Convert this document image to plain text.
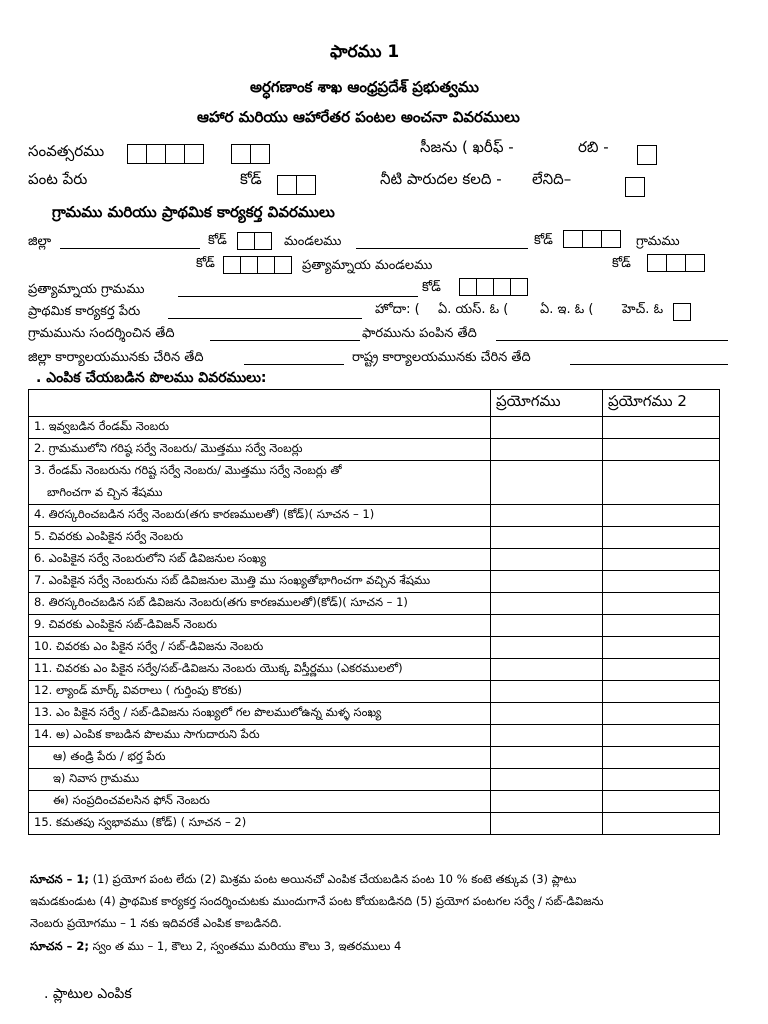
ఫారము 1
అర్ధగణాంక శాఖ ఆంధ్రప్రదేశ్ ప్రభుత్వము
ఆహార మరియు ఆహారేతర పంటల అంచనా వివరములు
సంవత్సరము	సీజను ( ఖరీఫ్ -	రబి -
పంట పేరు	కోడ్	నీటి పారుదల కలది - లేనిది–
గ్రామము మరియు ప్రాథమిక కార్యకర్త వివరములు
జిల్లా	కోడ్	మండలము	కోడ్	గ్రామము
కోడ్	ప్రత్యామ్నాయ మండలము	కోడ్
ప్రత్యామ్నాయ గ్రామము	కోడ్
ప్రాథమిక కార్యకర్త పేరు	హోదా: ( ఏ. యస్. ఓ ( ఏ. ఇ. ఓ ( హెచ్. ఓ
గ్రామమును సందర్శించిన తేది	ఫారమును పంపిన తేది
జిల్లా కార్యాలయమునకు చేరిన తేది	రాష్ట్ర కార్యాలయమునకు చేరిన తేది
. ఎంపిక చేయబడిన పొలము వివరములు:
	ప్రయోగము	ప్రయోగము 2
1. ఇవ్వబడిన రేండమ్ నెంబరు		
2. గ్రామములోని గరిష్ఠ సర్వే నెంబరు/ మొత్తము సర్వే నెంబర్లు		
3. రేండమ్ నెంబరును గరిష్ట సర్వే నెంబరు/ మొత్తము సర్వే నెంబర్లు తో		
బాగించగా వ చ్చిన శేషము		
4. తిరస్కరించబడిన సర్వే నెంబరు(తగు కారణములతో) (కోడ్)( సూచన – 1)		
5. చివరకు ఎంపికైన సర్వే నెంబరు		
6. ఎంపికైన సర్వే నెంబరులోని సబ్ డివిజనుల సంఖ్య		
7. ఎంపికైన సర్వే నెంబరును సబ్ డివిజనుల మొత్తి ము సంఖ్యతోభాగించగా వచ్చిన శేషము		
8. తిరస్కరించబడిన సబ్ డివిజను నెంబరు(తగు కారణములతో)(కోడ్)( సూచన – 1)		
9. చివరకు ఎంపికైన సబ్-డివిజన్ నెంబరు		
10. చివరకు ఎం పికైన సర్వే / సబ్-డివిజను నెంబరు		
11. చివరకు ఎం పికైన సర్వే/సబ్-డివిజను నెంబరు యొక్క విస్తీర్ణము (ఎకరములలో)		
12. ల్యాండ్ మార్క్ వివరాలు ( గుర్తింపు కొరకు)		
13. ఎం పికైన సర్వే / సబ్-డివిజను సంఖ్యలో గల పొలములోఉన్న మళ్ళ సంఖ్య		
14. అ) ఎంపిక కాబడిన పొలము సాగుదారుని పేరు		
ఆ) తండ్రి పేరు / భర్త పేరు		
ఇ) నివాస గ్రామము		
ఈ) సంప్రదించవలసిన ఫోన్ నెంబరు		
15. కమతపు స్వభావము (కోడ్) ( సూచన – 2)		
సూచన – 1; (1) ప్రయోగ పంట లేదు (2) మిశ్రమ పంట అయినచో ఎంపిక చేయబడిన పంట 10 % కంటె తక్కువ (3) ప్లాటు
ఇమడకుండుట (4) ప్రాథమిక కార్యకర్త సందర్శించుటకు ముందుగానే పంట కోయబడినది (5) ప్రయోగ పంటగల సర్వే / సబ్-డివిజను
నెంబరు ప్రయోగము – 1 నకు ఇదివరకే ఎంపిక కాబడినది.
సూచన – 2; స్వం త ము – 1, కౌలు 2, స్వంతము మరియు కౌలు 3, ఇతరములు 4
. ప్లాటుల ఎంపిక
